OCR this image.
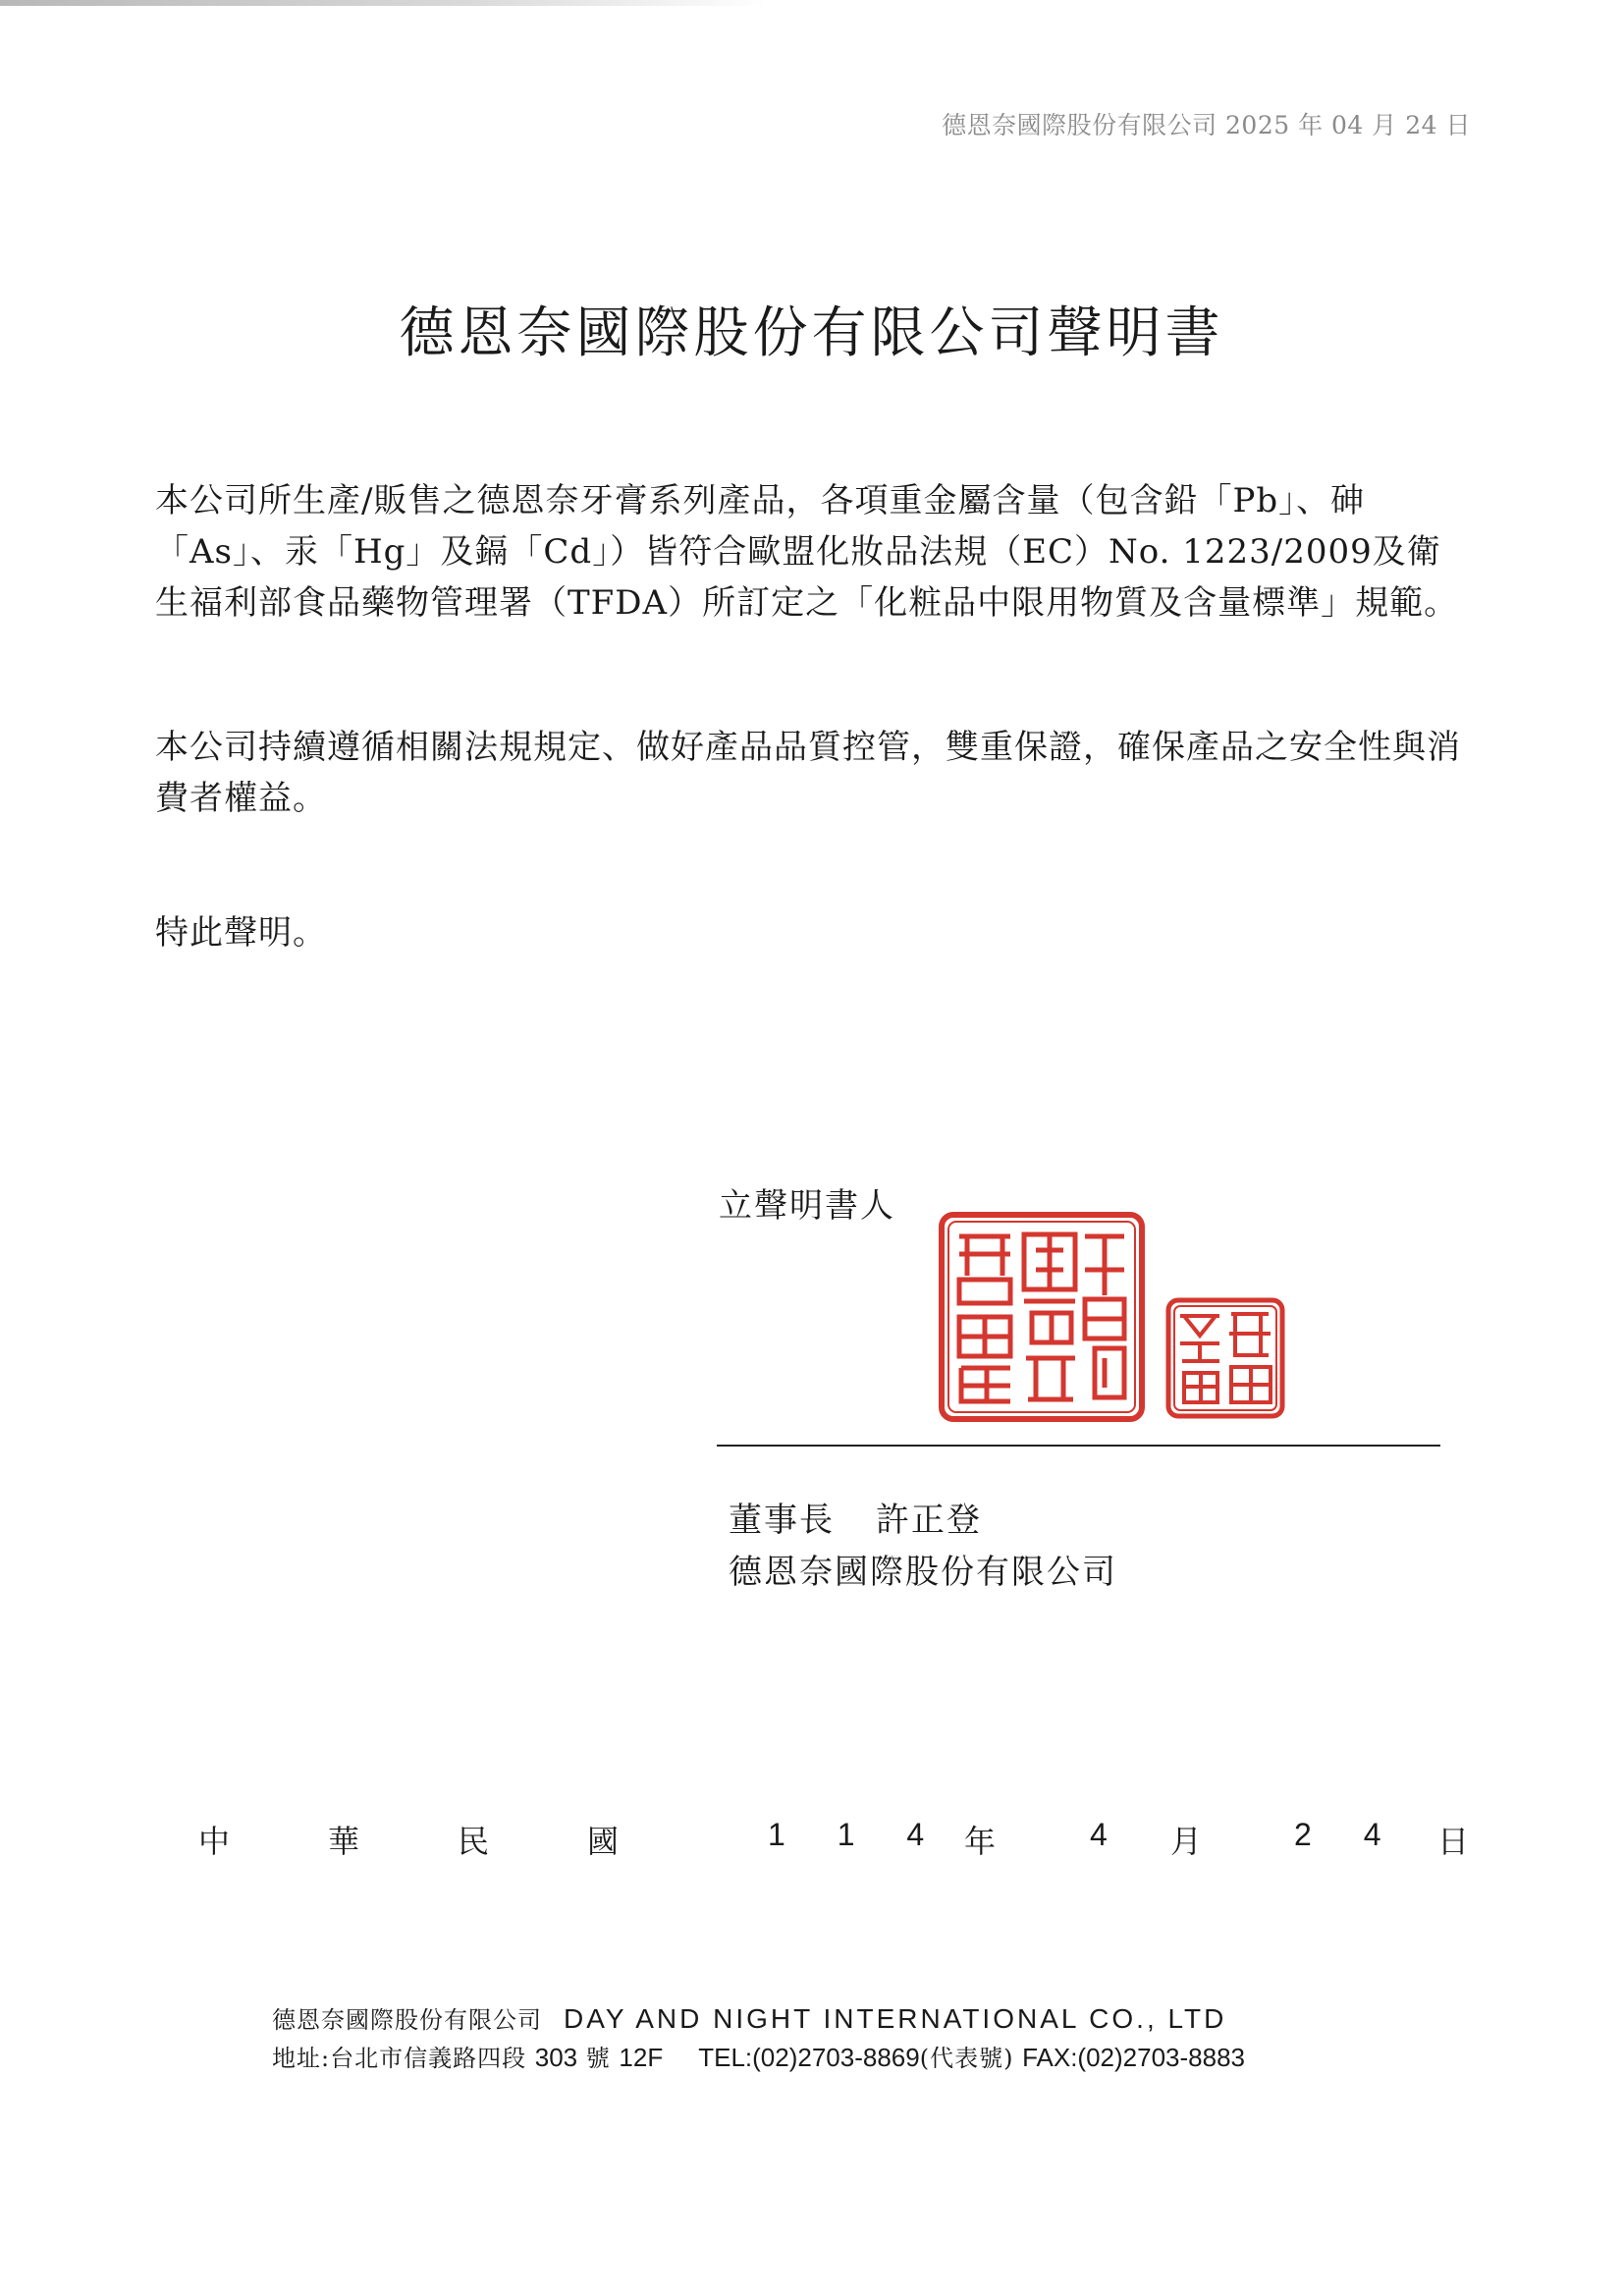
德恩奈國際股份有限公司 2025 年 04 月 24 日
德恩奈國際股份有限公司聲明書

本公司所生產/販售之德恩奈牙膏系列產品，各項重金屬含量（包含鉛「Pb」、砷「As」、汞「Hg」及鎘「Cd」）皆符合歐盟化妝品法規（EC）No. 1223/2009及衛生福利部食品藥物管理署（TFDA）所訂定之「化粧品中限用物質及含量標準」規範。

本公司持續遵循相關法規規定、做好產品品質控管，雙重保證，確保產品之安全性與消費者權益。

特此聲明。

立聲明書人
董事長 許正登
德恩奈國際股份有限公司
中	華	民	國	1 1 4 年	4 月	2 4 日
德恩奈國際股份有限公司 DAY AND NIGHT INTERNATIONAL CO., LTD
地址:台北市信義路四段 303 號 12F TEL:(02)2703-8869(代表號) FAX:(02)2703-8883
